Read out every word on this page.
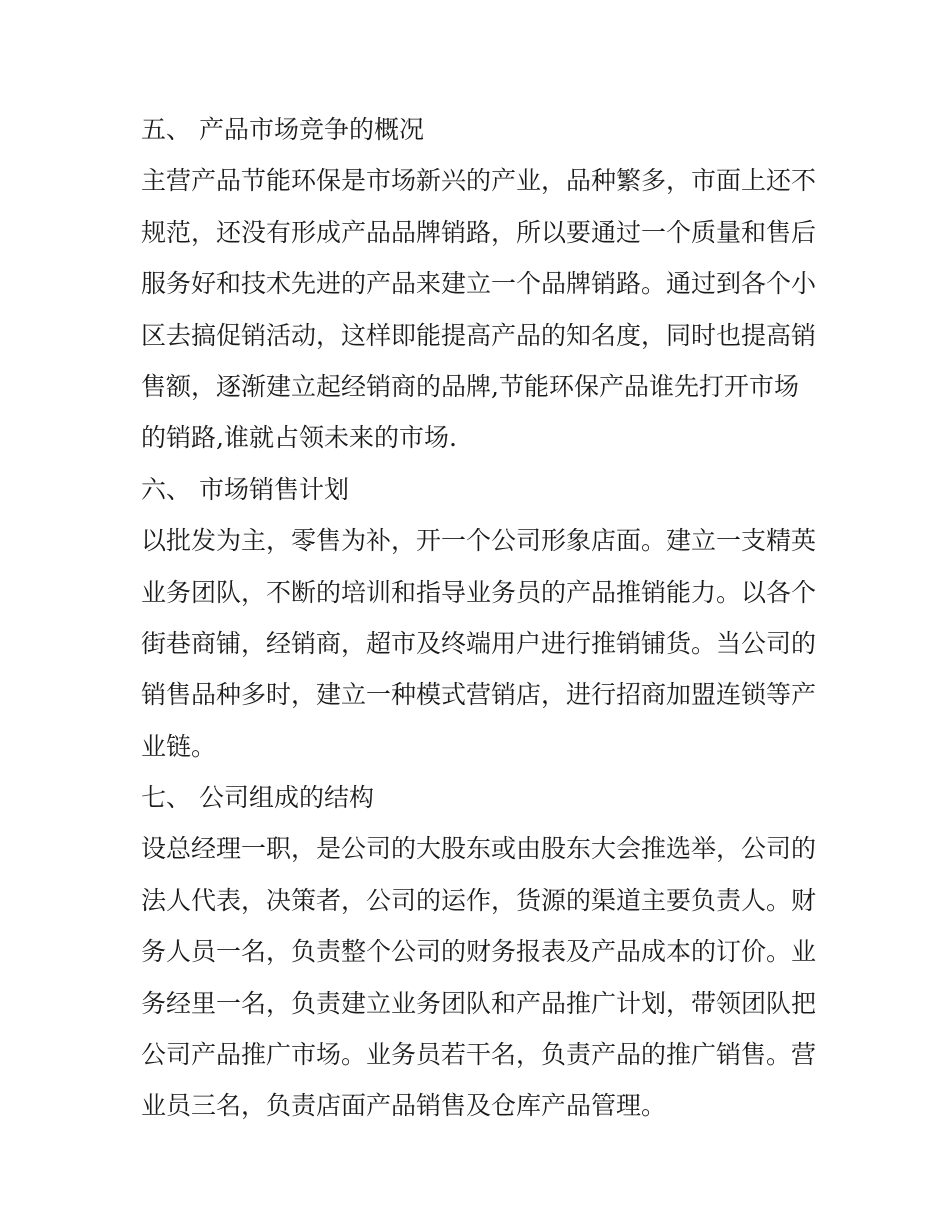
五、 产品市场竞争的概况
主营产品节能环保是市场新兴的产业，品种繁多，市面上还不
规范，还没有形成产品品牌销路，所以要通过一个质量和售后
服务好和技术先进的产品来建立一个品牌销路。通过到各个小
区去搞促销活动，这样即能提高产品的知名度，同时也提高销
售额，逐渐建立起经销商的品牌,节能环保产品谁先打开市场
的销路,谁就占领未来的市场.
六、 市场销售计划
以批发为主，零售为补，开一个公司形象店面。建立一支精英
业务团队，不断的培训和指导业务员的产品推销能力。以各个
街巷商铺，经销商，超市及终端用户进行推销铺货。当公司的
销售品种多时，建立一种模式营销店，进行招商加盟连锁等产
业链。
七、 公司组成的结构
设总经理一职，是公司的大股东或由股东大会推选举，公司的
法人代表，决策者，公司的运作，货源的渠道主要负责人。财
务人员一名，负责整个公司的财务报表及产品成本的订价。业
务经里一名，负责建立业务团队和产品推广计划，带领团队把
公司产品推广市场。业务员若干名，负责产品的推广销售。营
业员三名，负责店面产品销售及仓库产品管理。
